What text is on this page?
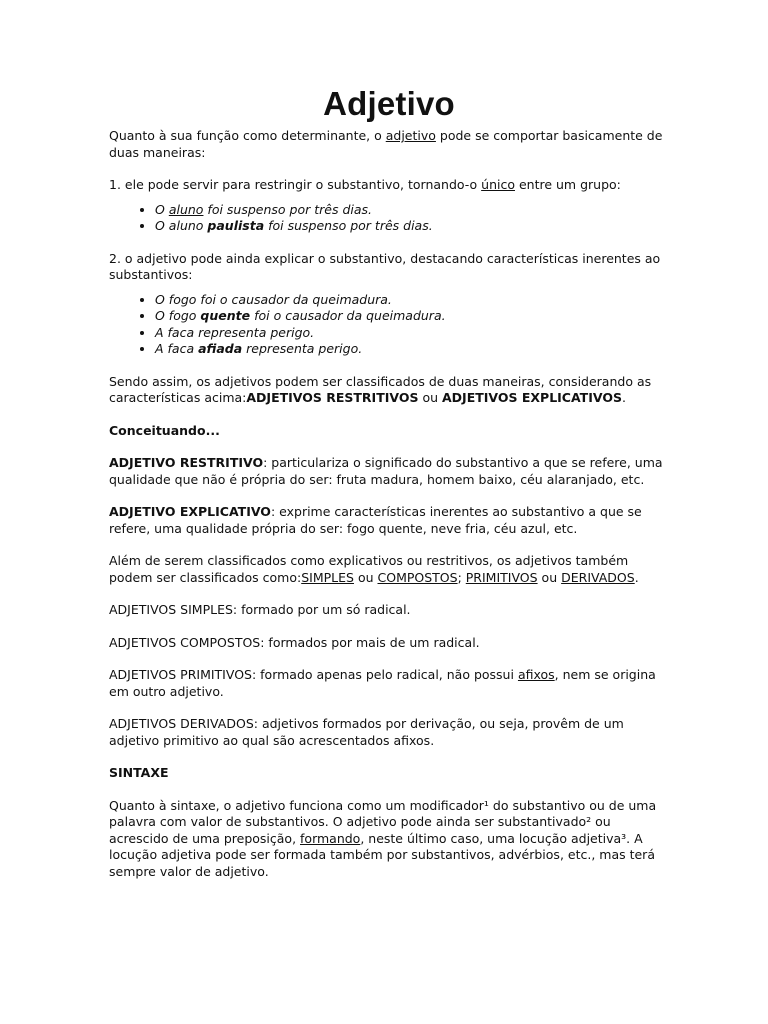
Adjetivo

Quanto à sua função como determinante, o adjetivo pode se comportar basicamente de duas maneiras:

1. ele pode servir para restringir o substantivo, tornando-o único entre um grupo:

• O aluno foi suspenso por três dias.
• O aluno paulista foi suspenso por três dias.

2. o adjetivo pode ainda explicar o substantivo, destacando características inerentes ao substantivos:

• O fogo foi o causador da queimadura.
• O fogo quente foi o causador da queimadura.
• A faca representa perigo.
• A faca afiada representa perigo.

Sendo assim, os adjetivos podem ser classificados de duas maneiras, considerando as características acima:ADJETIVOS RESTRITIVOS ou ADJETIVOS EXPLICATIVOS.

Conceituando...

ADJETIVO RESTRITIVO: particulariza o significado do substantivo a que se refere, uma qualidade que não é própria do ser: fruta madura, homem baixo, céu alaranjado, etc.

ADJETIVO EXPLICATIVO: exprime características inerentes ao substantivo a que se refere, uma qualidade própria do ser: fogo quente, neve fria, céu azul, etc.

Além de serem classificados como explicativos ou restritivos, os adjetivos também podem ser classificados como:SIMPLES ou COMPOSTOS; PRIMITIVOS ou DERIVADOS.

ADJETIVOS SIMPLES: formado por um só radical.

ADJETIVOS COMPOSTOS: formados por mais de um radical.

ADJETIVOS PRIMITIVOS: formado apenas pelo radical, não possui afixos, nem se origina em outro adjetivo.

ADJETIVOS DERIVADOS: adjetivos formados por derivação, ou seja, provêm de um adjetivo primitivo ao qual são acrescentados afixos.

SINTAXE

Quanto à sintaxe, o adjetivo funciona como um modificador¹ do substantivo ou de uma palavra com valor de substantivos. O adjetivo pode ainda ser substantivado² ou acrescido de uma preposição, formando, neste último caso, uma locução adjetiva³. A locução adjetiva pode ser formada também por substantivos, advérbios, etc., mas terá sempre valor de adjetivo.
